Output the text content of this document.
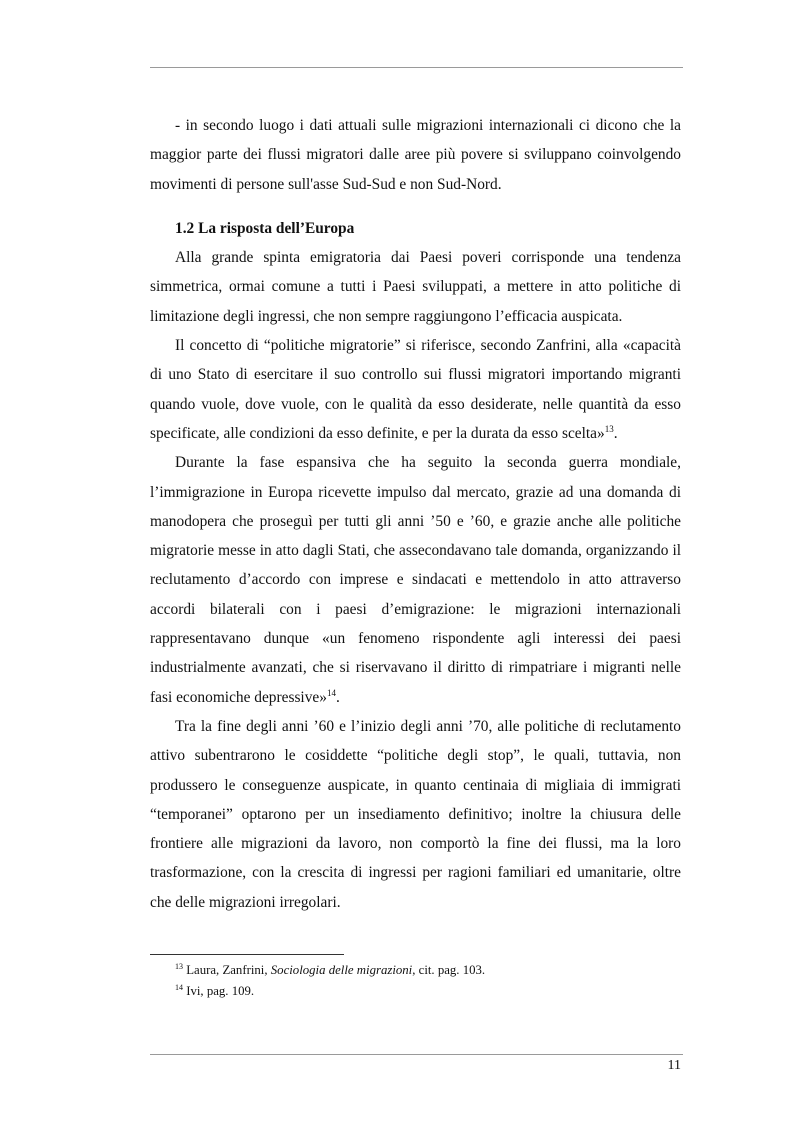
- in secondo luogo i dati attuali sulle migrazioni internazionali ci dicono che la maggior parte dei flussi migratori dalle aree più povere si sviluppano coinvolgendo movimenti di persone sull'asse Sud-Sud e non Sud-Nord.

1.2 La risposta dell’Europa

Alla grande spinta emigratoria dai Paesi poveri corrisponde una tendenza simmetrica, ormai comune a tutti i Paesi sviluppati, a mettere in atto politiche di limitazione degli ingressi, che non sempre raggiungono l’efficacia auspicata.

Il concetto di “politiche migratorie” si riferisce, secondo Zanfrini, alla «capacità di uno Stato di esercitare il suo controllo sui flussi migratori importando migranti quando vuole, dove vuole, con le qualità da esso desiderate, nelle quantità da esso specificate, alle condizioni da esso definite, e per la durata da esso scelta»$^{13}$.

Durante la fase espansiva che ha seguito la seconda guerra mondiale, l’immigrazione in Europa ricevette impulso dal mercato, grazie ad una domanda di manodopera che proseguì per tutti gli anni ’50 e ’60, e grazie anche alle politiche migratorie messe in atto dagli Stati, che assecondavano tale domanda, organizzando il reclutamento d’accordo con imprese e sindacati e mettendolo in atto attraverso accordi bilaterali con i paesi d’emigrazione: le migrazioni internazionali rappresentavano dunque «un fenomeno rispondente agli interessi dei paesi industrialmente avanzati, che si riservavano il diritto di rimpatriare i migranti nelle fasi economiche depressive»$^{14}$.

Tra la fine degli anni ’60 e l’inizio degli anni ’70, alle politiche di reclutamento attivo subentrarono le cosiddette “politiche degli stop”, le quali, tuttavia, non produssero le conseguenze auspicate, in quanto centinaia di migliaia di immigrati “temporanei” optarono per un insediamento definitivo; inoltre la chiusura delle frontiere alle migrazioni da lavoro, non comportò la fine dei flussi, ma la loro trasformazione, con la crescita di ingressi per ragioni familiari ed umanitarie, oltre che delle migrazioni irregolari.

$^{13}$ Laura, Zanfrini, Sociologia delle migrazioni, cit. pag. 103.

$^{14}$ Ivi, pag. 109.

11
